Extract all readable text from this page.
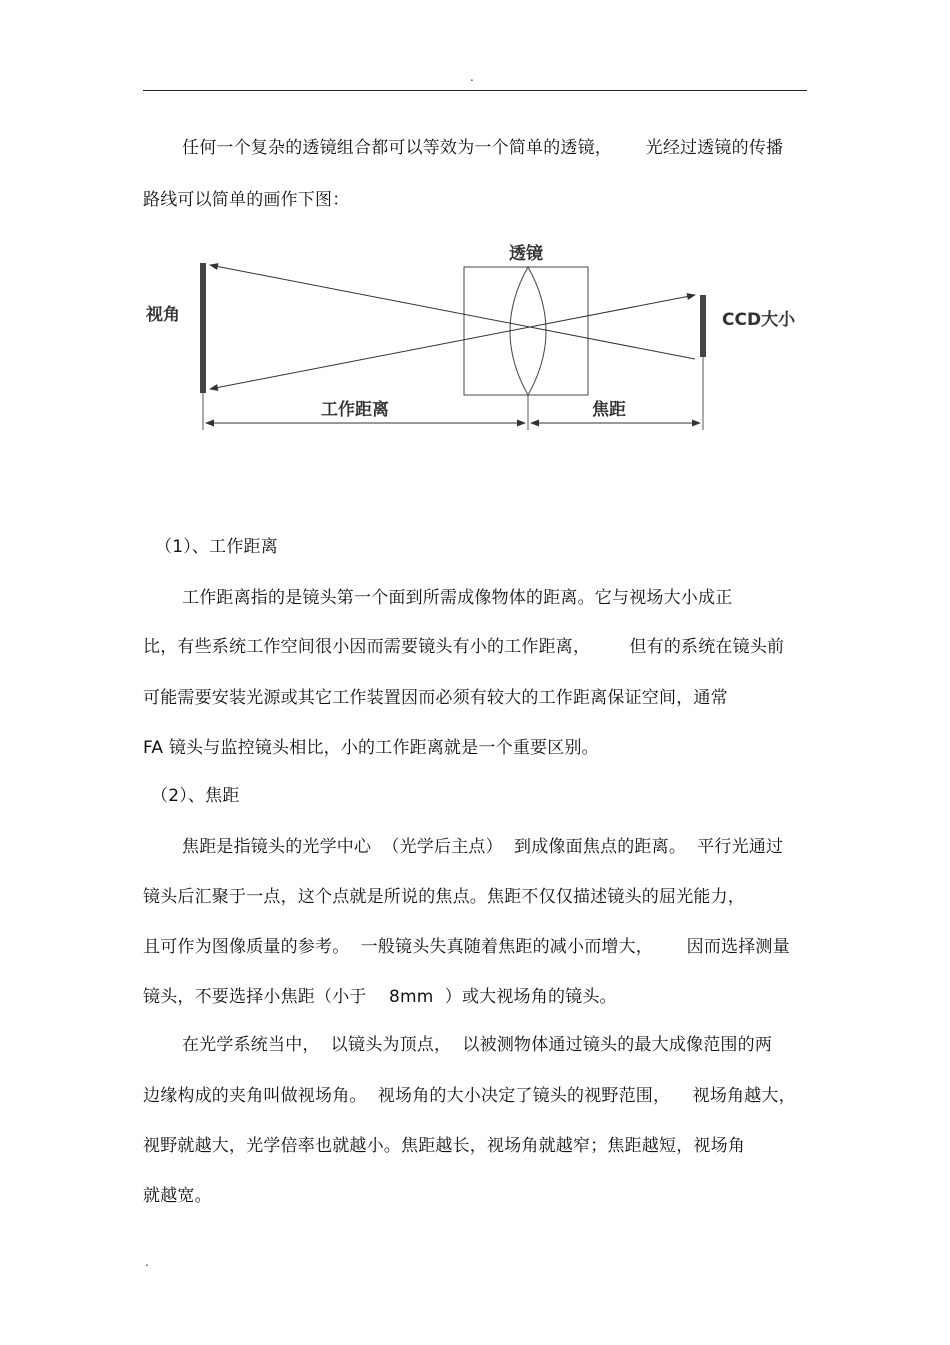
.
任何一个复杂的透镜组合都可以等效为一个简单的透镜，      光经过透镜的传播
路线可以简单的画作下图：
透镜
视角	CCD大小
工作距离	焦距
（1）、工作距离
工作距离指的是镜头第一个面到所需成像物体的距离。它与视场大小成正
比，有些系统工作空间很小因而需要镜头有小的工作距离，       但有的系统在镜头前
可能需要安装光源或其它工作装置因而必须有较大的工作距离保证空间，通常
FA 镜头与监控镜头相比，小的工作距离就是一个重要区别。
（2）、焦距
焦距是指镜头的光学中心  （光学后主点）  到成像面焦点的距离。  平行光通过
镜头后汇聚于一点，这个点就是所说的焦点。焦距不仅仅描述镜头的屈光能力，
且可作为图像质量的参考。  一般镜头失真随着焦距的减小而增大，      因而选择测量
镜头，不要选择小焦距（小于    8mm  ）或大视场角的镜头。
在光学系统当中，  以镜头为顶点，  以被测物体通过镜头的最大成像范围的两
边缘构成的夹角叫做视场角。  视场角的大小决定了镜头的视野范围，    视场角越大，
视野就越大，光学倍率也就越小。焦距越长，视场角就越窄；焦距越短，视场角
就越宽。
.
